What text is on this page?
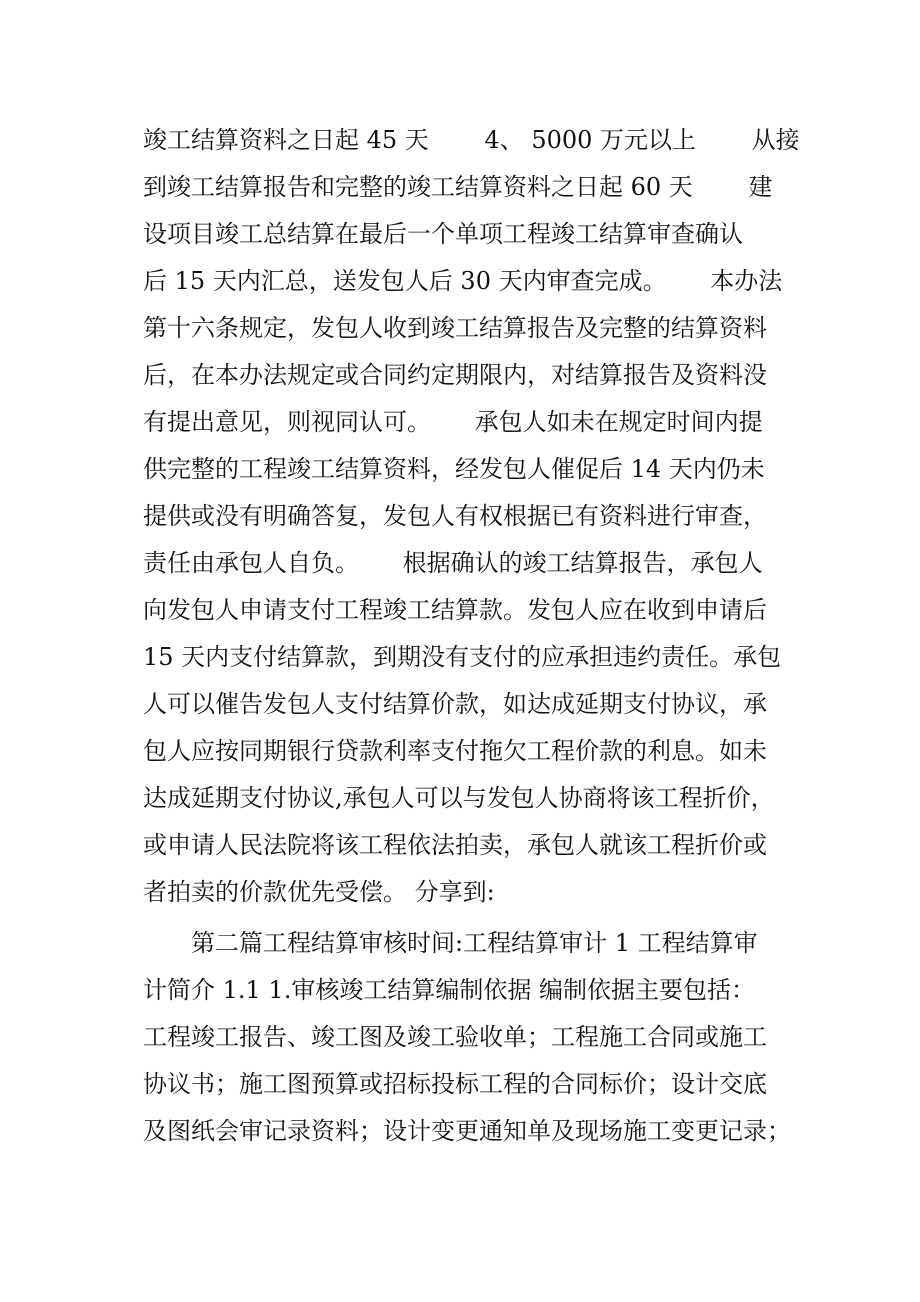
竣工结算资料之日起 45 天　　 4、 5000 万元以上　　 从接
到竣工结算报告和完整的竣工结算资料之日起 60 天　　 建
设项目竣工总结算在最后一个单项工程竣工结算审查确认
后 15 天内汇总，送发包人后 30 天内审查完成。　　 本办法
第十六条规定，发包人收到竣工结算报告及完整的结算资料
后，在本办法规定或合同约定期限内，对结算报告及资料没
有提出意见，则视同认可。　　 承包人如未在规定时间内提
供完整的工程竣工结算资料，经发包人催促后 14 天内仍未
提供或没有明确答复，发包人有权根据已有资料进行审查，
责任由承包人自负。　　 根据确认的竣工结算报告，承包人
向发包人申请支付工程竣工结算款。发包人应在收到申请后
15 天内支付结算款，到期没有支付的应承担违约责任。承包
人可以催告发包人支付结算价款，如达成延期支付协议，承
包人应按同期银行贷款利率支付拖欠工程价款的利息。如未
达成延期支付协议,承包人可以与发包人协商将该工程折价，
或申请人民法院将该工程依法拍卖，承包人就该工程折价或
者拍卖的价款优先受偿。 分享到:
　　第二篇工程结算审核时间:工程结算审计 1 工程结算审
计简介 1.1 1.审核竣工结算编制依据 编制依据主要包括：
工程竣工报告、竣工图及竣工验收单；工程施工合同或施工
协议书；施工图预算或招标投标工程的合同标价；设计交底
及图纸会审记录资料；设计变更通知单及现场施工变更记录；
